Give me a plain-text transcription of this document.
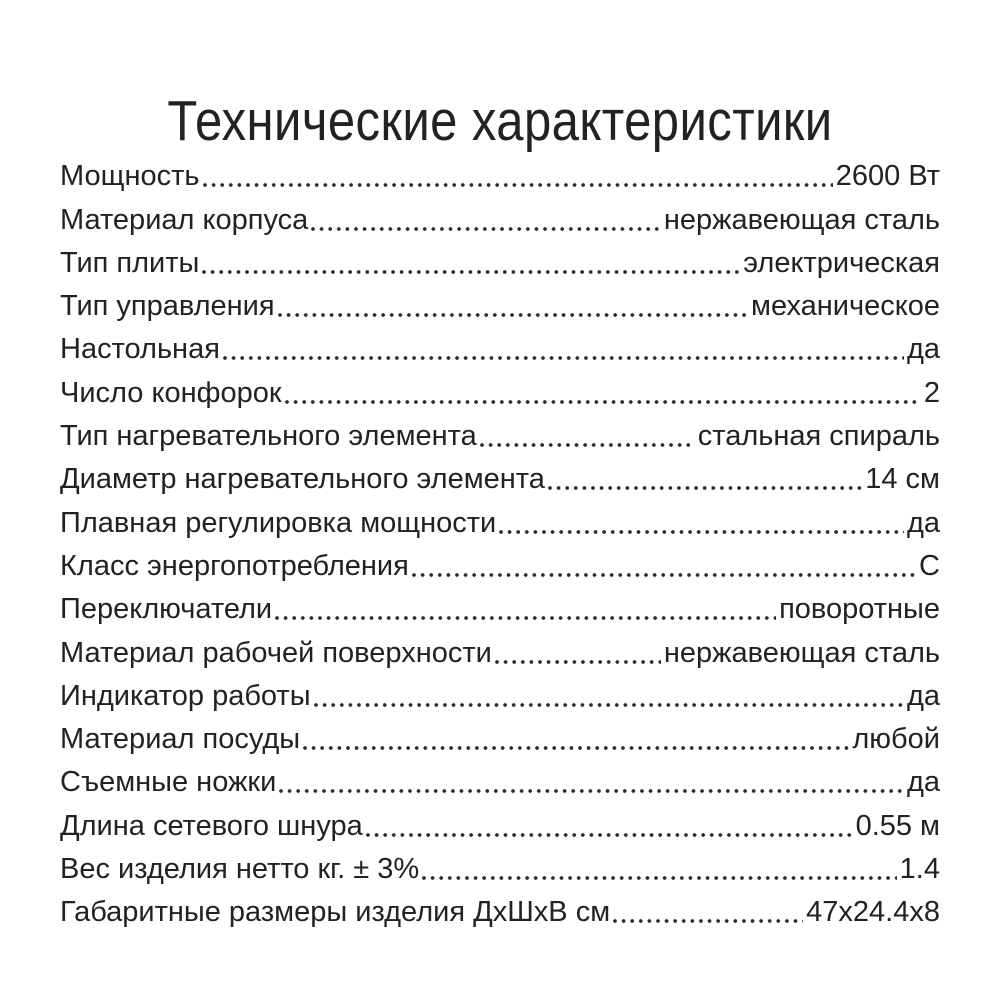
Технические характеристики
Мощность	2600 Вт
Материал корпуса	нержавеющая сталь
Тип плиты	электрическая
Тип управления	механическое
Настольная	да
Число конфорок	2
Тип нагревательного элемента	стальная спираль
Диаметр нагревательного элемента	14 см
Плавная регулировка мощности	да
Класс энергопотребления	С
Переключатели	поворотные
Материал рабочей поверхности	нержавеющая сталь
Индикатор работы	да
Материал посуды	любой
Съемные ножки	да
Длина сетевого шнура	0.55 м
Вес изделия нетто кг. ± 3%	1.4
Габаритные размеры изделия ДхШхВ см	47x24.4x8
